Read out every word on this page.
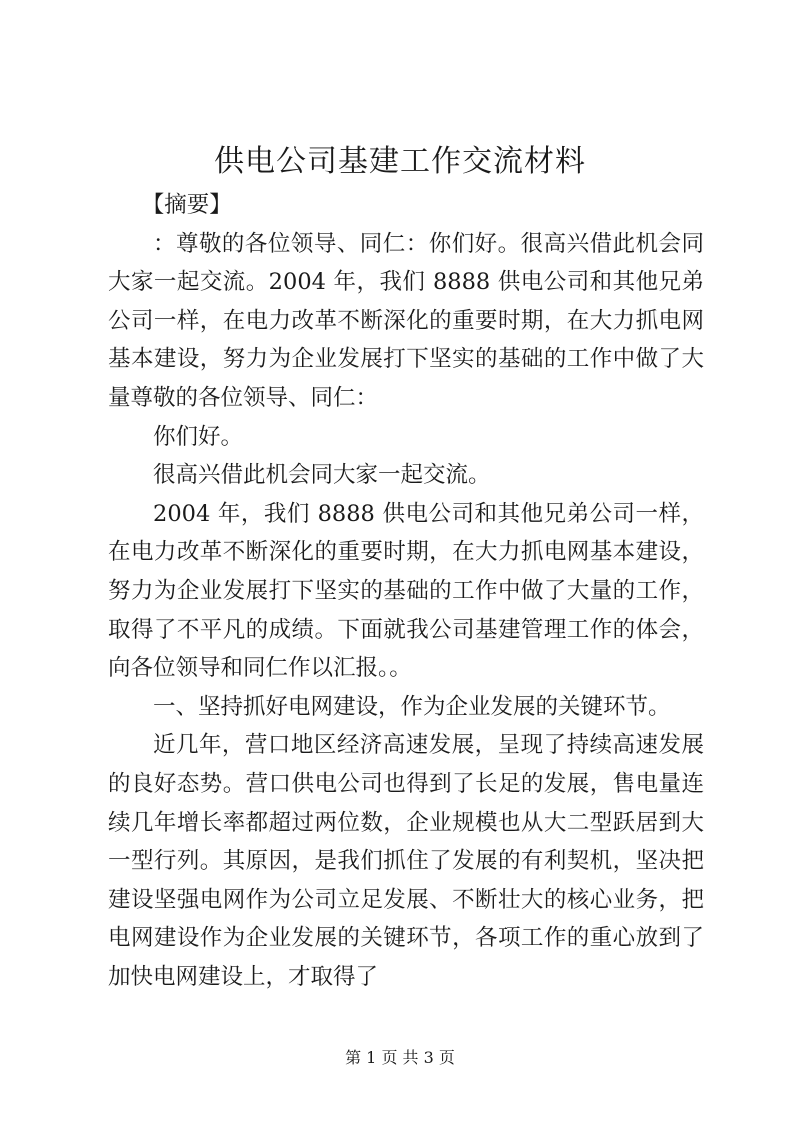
供电公司基建工作交流材料

【摘要】

：尊敬的各位领导、同仁：你们好。很高兴借此机会同大家一起交流。2004 年，我们 8888 供电公司和其他兄弟公司一样，在电力改革不断深化的重要时期，在大力抓电网基本建设，努力为企业发展打下坚实的基础的工作中做了大量尊敬的各位领导、同仁：

你们好。

很高兴借此机会同大家一起交流。

2004 年，我们 8888 供电公司和其他兄弟公司一样，在电力改革不断深化的重要时期，在大力抓电网基本建设，努力为企业发展打下坚实的基础的工作中做了大量的工作，取得了不平凡的成绩。下面就我公司基建管理工作的体会，向各位领导和同仁作以汇报。。

一、坚持抓好电网建设，作为企业发展的关键环节。

近几年，营口地区经济高速发展，呈现了持续高速发展的良好态势。营口供电公司也得到了长足的发展，售电量连续几年增长率都超过两位数，企业规模也从大二型跃居到大一型行列。其原因，是我们抓住了发展的有利契机，坚决把建设坚强电网作为公司立足发展、不断壮大的核心业务，把电网建设作为企业发展的关键环节，各项工作的重心放到了加快电网建设上，才取得了

第 1 页 共 3 页
